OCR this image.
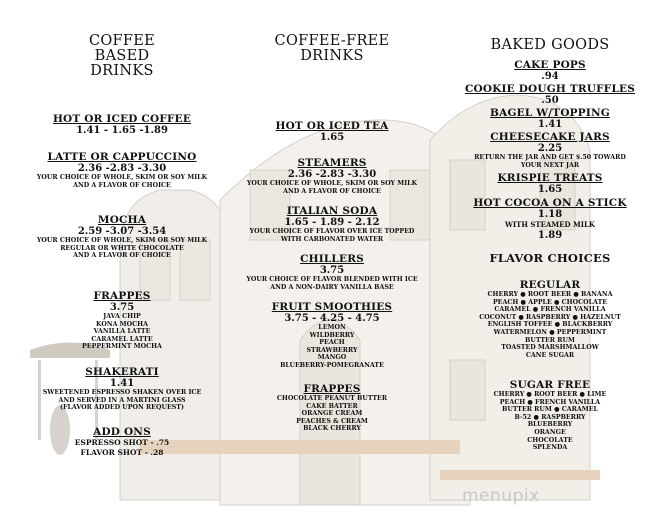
COFFEE
BASED
DRINKS
HOT OR ICED COFFEE
1.41 - 1.65 -1.89
LATTE OR CAPPUCCINO
2.36 -2.83 -3.30
YOUR CHOICE OF WHOLE, SKIM OR SOY MILK
AND A FLAVOR OF CHOICE
MOCHA
2.59 -3.07 -3.54
YOUR CHOICE OF WHOLE, SKIM OR SOY MILK
REGULAR OR WHITE CHOCOLATE
AND A FLAVOR OF CHOICE
FRAPPES
3.75
JAVA CHIP
KONA MOCHA
VANILLA LATTE
CARAMEL LATTE
PEPPERMINT MOCHA
SHAKERATI
1.41
SWEETENED ESPRESSO SHAKEN OVER ICE
AND SERVED IN A MARTINI GLASS
(FLAVOR ADDED UPON REQUEST)
ADD ONS
ESPRESSO SHOT - .75
FLAVOR SHOT - .28
COFFEE-FREE
DRINKS
HOT OR ICED TEA
1.65
STEAMERS
2.36 -2.83 -3.30
YOUR CHOICE OF WHOLE, SKIM OR SOY MILK
AND A FLAVOR OF CHOICE
ITALIAN SODA
1.65 - 1.89 - 2.12
YOUR CHOICE OF FLAVOR OVER ICE TOPPED
WITH CARBONATED WATER
CHILLERS
3.75
YOUR CHOICE OF FLAVOR BLENDED WITH ICE
AND A NON-DAIRY VANILLA BASE
FRUIT SMOOTHIES
3.75 - 4.25 - 4.75
LEMON
WILDBERRY
PEACH
STRAWBERRY
MANGO
BLUEBERRY-POMEGRANATE
FRAPPES
CHOCOLATE PEANUT BUTTER
CAKE BATTER
ORANGE CREAM
PEACHES & CREAM
BLACK CHERRY
BAKED GOODS
CAKE POPS
.94
COOKIE DOUGH TRUFFLES
.50
BAGEL W/TOPPING
1.41
CHEESECAKE JARS
2.25
RETURN THE JAR AND GET $.50 TOWARD
YOUR NEXT JAR
KRISPIE TREATS
1.65
HOT COCOA ON A STICK
1.18
WITH STEAMED MILK
1.89
FLAVOR CHOICES
REGULAR
CHERRY ● ROOT BEER ● BANANA
PEACH ● APPLE ● CHOCOLATE
CARAMEL ● FRENCH VANILLA
COCONUT ● RASPBERRY ● HAZELNUT
ENGLISH TOFFEE ● BLACKBERRY
WATERMELON ● PEPPERMINT
BUTTER RUM
TOASTED MARSHMALLOW
CANE SUGAR
SUGAR FREE
CHERRY ● ROOT BEER ● LIME
PEACH ● FRENCH VANILLA
BUTTER RUM ● CARAMEL
B-52 ● RASPBERRY
BLUEBERRY
ORANGE
CHOCOLATE
SPLENDA
menupix
